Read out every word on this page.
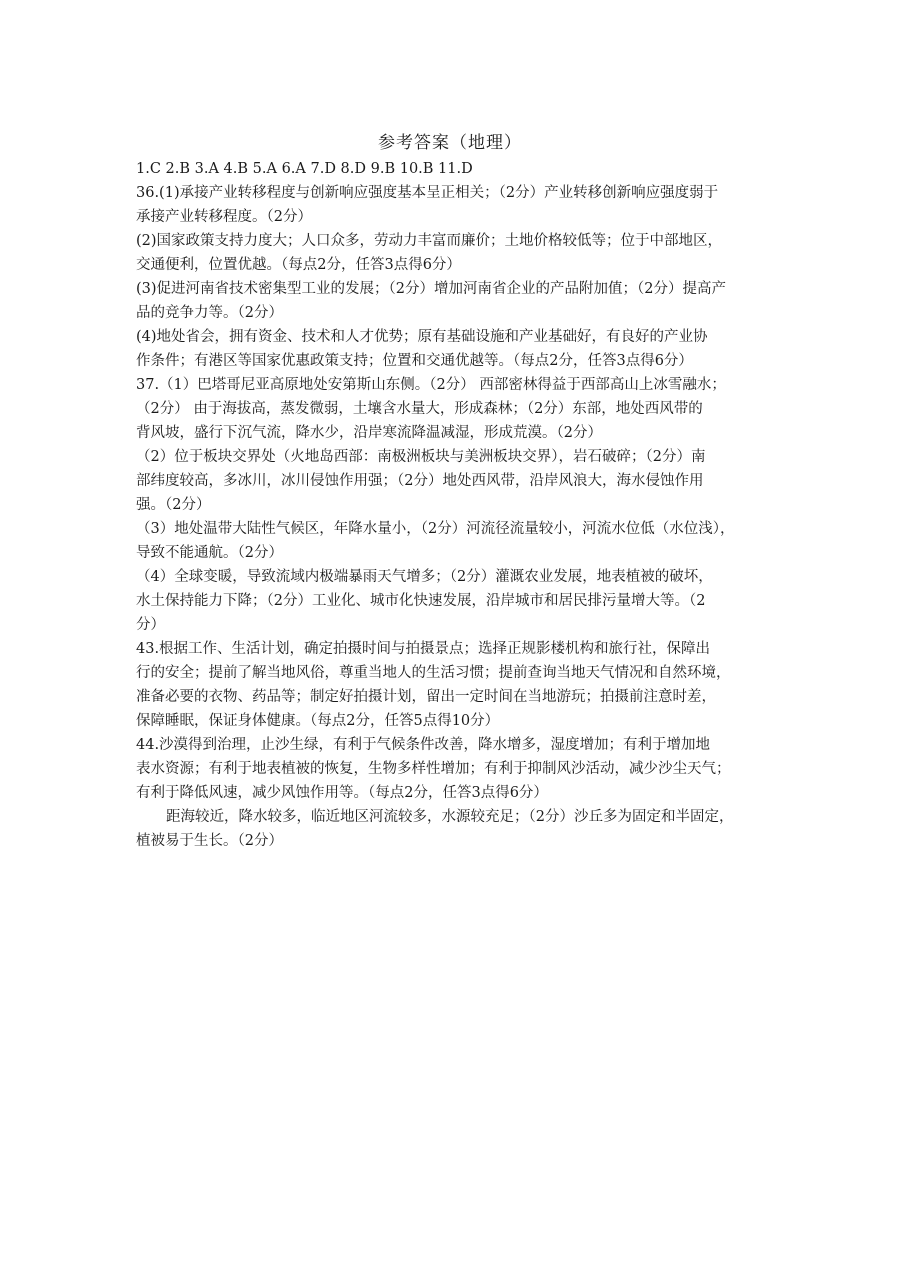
参考答案（地理）
1.C 2.B 3.A 4.B 5.A 6.A 7.D 8.D 9.B 10.B 11.D
36.(1)承接产业转移程度与创新响应强度基本呈正相关；（2分）产业转移创新响应强度弱于
承接产业转移程度。（2分）
(2)国家政策支持力度大；人口众多，劳动力丰富而廉价；土地价格较低等；位于中部地区，
交通便利，位置优越。（每点2分，任答3点得6分）
(3)促进河南省技术密集型工业的发展；（2分）增加河南省企业的产品附加值；（2分）提高产
品的竞争力等。（2分）
(4)地处省会，拥有资金、技术和人才优势；原有基础设施和产业基础好，有良好的产业协
作条件；有港区等国家优惠政策支持；位置和交通优越等。（每点2分，任答3点得6分）
37.（1）巴塔哥尼亚高原地处安第斯山东侧。（2分） 西部密林得益于西部高山上冰雪融水；
（2分） 由于海拔高，蒸发微弱，土壤含水量大，形成森林；（2分）东部，地处西风带的
背风坡，盛行下沉气流，降水少，沿岸寒流降温减湿，形成荒漠。（2分）
（2）位于板块交界处（火地岛西部：南极洲板块与美洲板块交界），岩石破碎；（2分）南
部纬度较高，多冰川，冰川侵蚀作用强；（2分）地处西风带，沿岸风浪大，海水侵蚀作用
强。（2分）
（3）地处温带大陆性气候区，年降水量小，（2分）河流径流量较小，河流水位低（水位浅），
导致不能通航。（2分）
（4）全球变暖，导致流域内极端暴雨天气增多；（2分）灌溉农业发展，地表植被的破坏，
水土保持能力下降；（2分）工业化、城市化快速发展，沿岸城市和居民排污量增大等。（2
分）
43.根据工作、生活计划，确定拍摄时间与拍摄景点；选择正规影楼机构和旅行社，保障出
行的安全；提前了解当地风俗，尊重当地人的生活习惯；提前查询当地天气情况和自然环境，
准备必要的衣物、药品等；制定好拍摄计划，留出一定时间在当地游玩；拍摄前注意时差，
保障睡眠，保证身体健康。（每点2分，任答5点得10分）
44.沙漠得到治理，止沙生绿，有利于气候条件改善，降水增多，湿度增加；有利于增加地
表水资源；有利于地表植被的恢复，生物多样性增加；有利于抑制风沙活动，减少沙尘天气；
有利于降低风速，减少风蚀作用等。（每点2分，任答3点得6分）
距海较近，降水较多，临近地区河流较多，水源较充足；（2分）沙丘多为固定和半固定，
植被易于生长。（2分）
